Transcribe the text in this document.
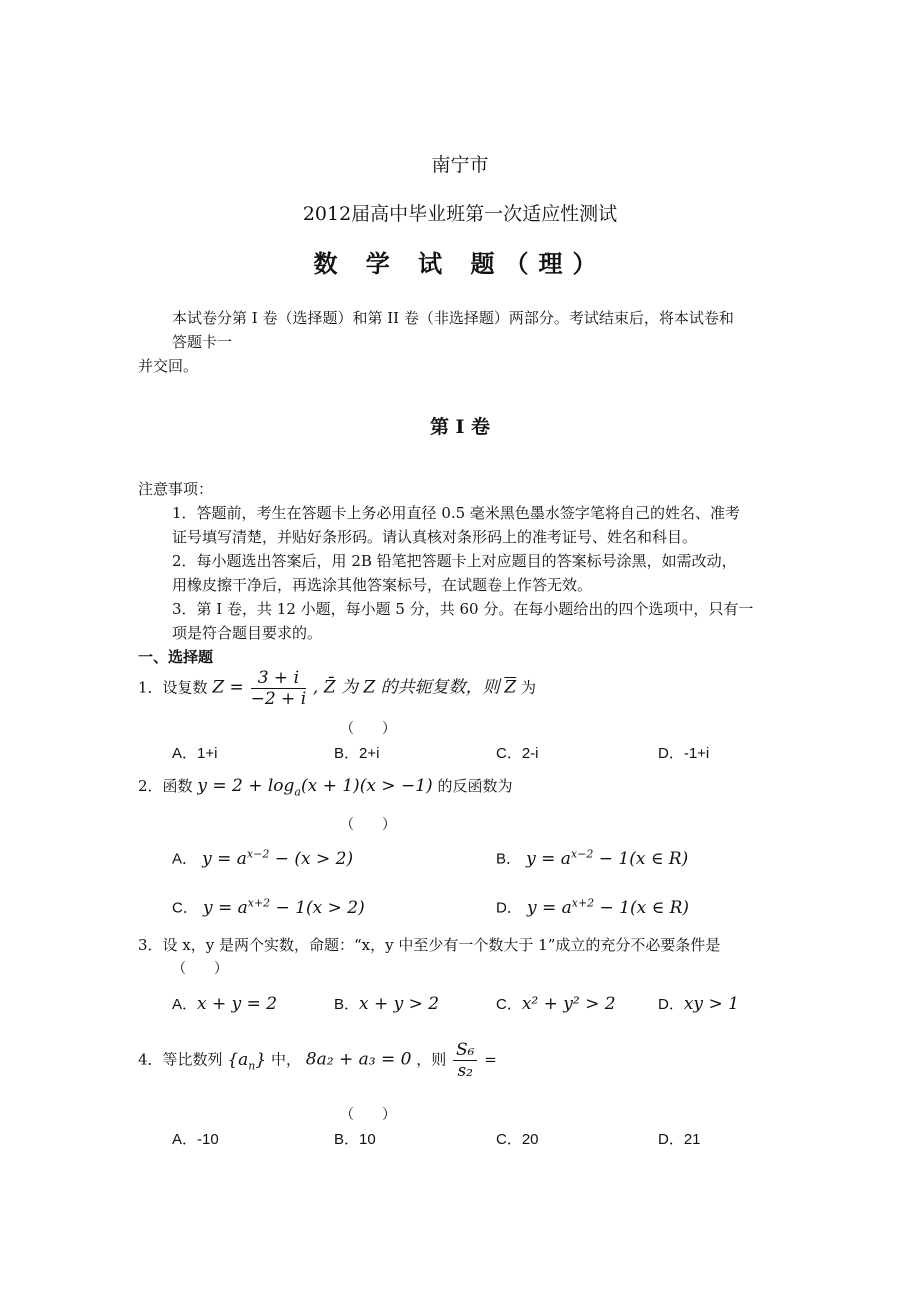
南宁市
2012届高中毕业班第一次适应性测试
数 学 试 题（理）
本试卷分第 I 卷（选择题）和第 II 卷（非选择题）两部分。考试结束后，将本试卷和
答题卡一
并交回。
第 I 卷
注意事项：
1．答题前，考生在答题卡上务必用直径 0.5 毫米黑色墨水签字笔将自己的姓名、准考
证号填写清楚，并贴好条形码。请认真核对条形码上的准考证号、姓名和科目。
2．每小题选出答案后，用 2B 铅笔把答题卡上对应题目的答案标号涂黑，如需改动，
用橡皮擦干净后，再选涂其他答案标号，在试题卷上作答无效。
3．第 I 卷，共 12 小题，每小题 5 分，共 60 分。在每小题给出的四个选项中，只有一
项是符合题目要求的。
一、选择题
1．设复数 $Z = \frac{3 + i}{-2 + i}$ , Z̄ 为 Z 的共轭复数，则 $\overline{Z}$ 为
（　　）
A．1+i	B．2+i	C．2-i	D．-1+i
2．函数 $y = 2 + \log_a(x + 1)(x > -1)$ 的反函数为
（　　）
A． $y = a^{x-2} - (x > 2)$	B． $y = a^{x-2} - 1(x$ ∈ R)
C． $y = a^{x+2} - 1(x > 2)$	D． $y = a^{x+2} - 1(x$ ∈ R)
3．设 x，y 是两个实数，命题：“x，y 中至少有一个数大于 1”成立的充分不必要条件是
（　　）
A．x + y = 2	B．x + y > 2	C．x² + y² > 2	D．xy > 1
4．等比数列 $\{a_n\}$ 中， 8a₂ + a₃ = 0 ，则 $\frac{\text{S₆}}{\text{s₂}}$ =
（　　）
A．-10	B．10	C．20	D．21
